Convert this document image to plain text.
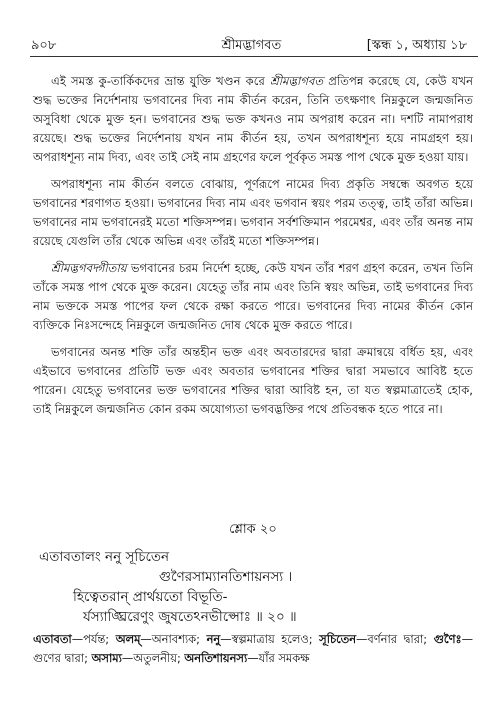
৯০৮	শ্রীমদ্ভাগবত	[স্কন্ধ ১, অধ্যায় ১৮

এই সমস্ত কু-তার্কিকদের ভ্রান্ত যুক্তি খণ্ডন করে শ্রীমদ্ভাগবত প্রতিপন্ন করেছে যে, কেউ যখন শুদ্ধ ভক্তের নির্দেশনায় ভগবানের দিব্য নাম কীর্তন করেন, তিনি তৎক্ষণাৎ নিম্নকুলে জন্মজনিত অসুবিধা থেকে মুক্ত হন। ভগবানের শুদ্ধ ভক্ত কখনও নাম অপরাধ করেন না। দশটি নামাপরাধ রয়েছে। শুদ্ধ ভক্তের নির্দেশনায় যখন নাম কীর্তন হয়, তখন অপরাধশূন্য হয়ে নামগ্রহণ হয়। অপরাধশূন্য নাম দিব্য, এবং তাই সেই নাম গ্রহণের ফলে পূর্বকৃত সমস্ত পাপ থেকে মুক্ত হওয়া যায়।

অপরাধশূন্য নাম কীর্তন বলতে বোঝায়, পূর্ণরূপে নামের দিব্য প্রকৃতি সম্বন্ধে অবগত হয়ে ভগবানের শরণাগত হওয়া। ভগবানের দিব্য নাম এবং ভগবান স্বয়ং পরম তত্ত্ব, তাই তাঁরা অভিন্ন। ভগবানের নাম ভগবানেরই মতো শক্তিসম্পন্ন। ভগবান সর্বশক্তিমান পরমেশ্বর, এবং তাঁর অনন্ত নাম রয়েছে যেগুলি তাঁর থেকে অভিন্ন এবং তাঁরই মতো শক্তিসম্পন্ন।

শ্রীমদ্ভগবদ্গীতায় ভগবানের চরম নির্দেশ হচ্ছে, কেউ যখন তাঁর শরণ গ্রহণ করেন, তখন তিনি তাঁকে সমস্ত পাপ থেকে মুক্ত করেন। যেহেতু তাঁর নাম এবং তিনি স্বয়ং অভিন্ন, তাই ভগবানের দিব্য নাম ভক্তকে সমস্ত পাপের ফল থেকে রক্ষা করতে পারে। ভগবানের দিব্য নামের কীর্তন কোন ব্যক্তিকে নিঃসন্দেহে নিম্নকুলে জন্মজনিত দোষ থেকে মুক্ত করতে পারে।

ভগবানের অনন্ত শক্তি তাঁর অন্তহীন ভক্ত এবং অবতারদের দ্বারা ক্রমান্বয়ে বর্ধিত হয়, এবং এইভাবে ভগবানের প্রতিটি ভক্ত এবং অবতার ভগবানের শক্তির দ্বারা সমভাবে আবিষ্ট হতে পারেন। যেহেতু ভগবানের ভক্ত ভগবানের শক্তির দ্বারা আবিষ্ট হন, তা যত স্বল্পমাত্রাতেই হোক, তাই নিম্নকুলে জন্মজনিত কোন রকম অযোগ্যতা ভগবদ্ভক্তির পথে প্রতিবন্ধক হতে পারে না।

শ্লোক ২০
এতাবতালং ননু সূচিতেন
গুণৈরসাম্যানতিশায়নস্য ।
হিত্বেতরান্ প্রার্থয়তো বিভূতি-
র্যস্যাঙ্ঘ্রিরেণুং জুষতেঽনভীপ্সোঃ ॥ ২০ ॥
এতাবতা—পর্যন্ত; অলম্—অনাবশ্যক; ননু—স্বল্পমাত্রায় হলেও; সূচিতেন—বর্ণনার দ্বারা; গুণৈঃ—গুণের দ্বারা; অসাম্য—অতুলনীয়; অনতিশায়নস্য—যাঁর সমকক্ষ
